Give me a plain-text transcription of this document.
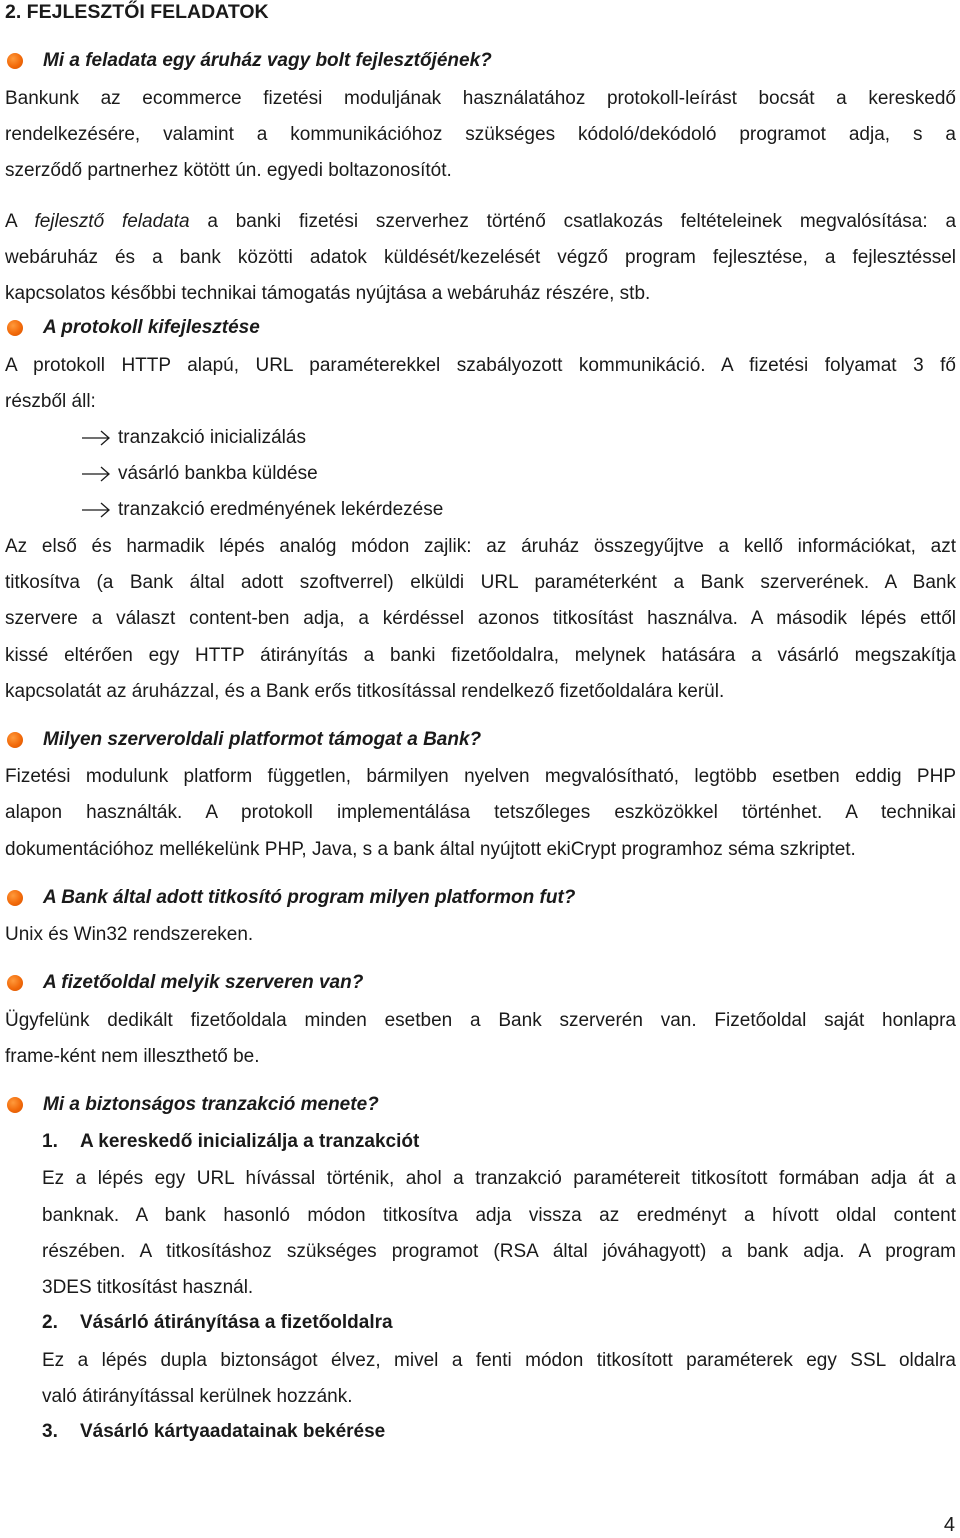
2. FEJLESZTŐI FELADATOK
Mi a feladata egy áruház vagy bolt fejlesztőjének?
Bankunk az ecommerce fizetési moduljának használatához protokoll-leírást bocsát a kereskedő
rendelkezésére, valamint a kommunikációhoz szükséges kódoló/dekódoló programot adja, s a
szerződő partnerhez kötött ún. egyedi boltazonosítót.
A fejlesztő feladata a banki fizetési szerverhez történő csatlakozás feltételeinek megvalósítása: a
webáruház és a bank közötti adatok küldését/kezelését végző program fejlesztése, a fejlesztéssel
kapcsolatos későbbi technikai támogatás nyújtása a webáruház részére, stb.
A protokoll kifejlesztése
A protokoll HTTP alapú, URL paraméterekkel szabályozott kommunikáció. A fizetési folyamat 3 fő
részből áll:
tranzakció inicializálás
vásárló bankba küldése
tranzakció eredményének lekérdezése
Az első és harmadik lépés analóg módon zajlik: az áruház összegyűjtve a kellő információkat, azt
titkosítva (a Bank által adott szoftverrel) elküldi URL paraméterként a Bank szerverének. A Bank
szervere a választ content-ben adja, a kérdéssel azonos titkosítást használva. A második lépés ettől
kissé eltérően egy HTTP átirányítás a banki fizetőoldalra, melynek hatására a vásárló megszakítja
kapcsolatát az áruházzal, és a Bank erős titkosítással rendelkező fizetőoldalára kerül.
Milyen szerveroldali platformot támogat a Bank?
Fizetési modulunk platform független, bármilyen nyelven megvalósítható, legtöbb esetben eddig PHP
alapon használták. A protokoll implementálása tetszőleges eszközökkel történhet. A technikai
dokumentációhoz mellékelünk PHP, Java, s a bank által nyújtott ekiCrypt programhoz séma szkriptet.
A Bank által adott titkosító program milyen platformon fut?
Unix és Win32 rendszereken.
A fizetőoldal melyik szerveren van?
Ügyfelünk dedikált fizetőoldala minden esetben a Bank szerverén van. Fizetőoldal saját honlapra
frame-ként nem illeszthető be.
Mi a biztonságos tranzakció menete?
1. A kereskedő inicializálja a tranzakciót
Ez a lépés egy URL hívással történik, ahol a tranzakció paramétereit titkosított formában adja át a
banknak. A bank hasonló módon titkosítva adja vissza az eredményt a hívott oldal content
részében. A titkosításhoz szükséges programot (RSA által jóváhagyott) a bank adja. A program
3DES titkosítást használ.
2. Vásárló átirányítása a fizetőoldalra
Ez a lépés dupla biztonságot élvez, mivel a fenti módon titkosított paraméterek egy SSL oldalra
való átirányítással kerülnek hozzánk.
3. Vásárló kártyaadatainak bekérése
4
